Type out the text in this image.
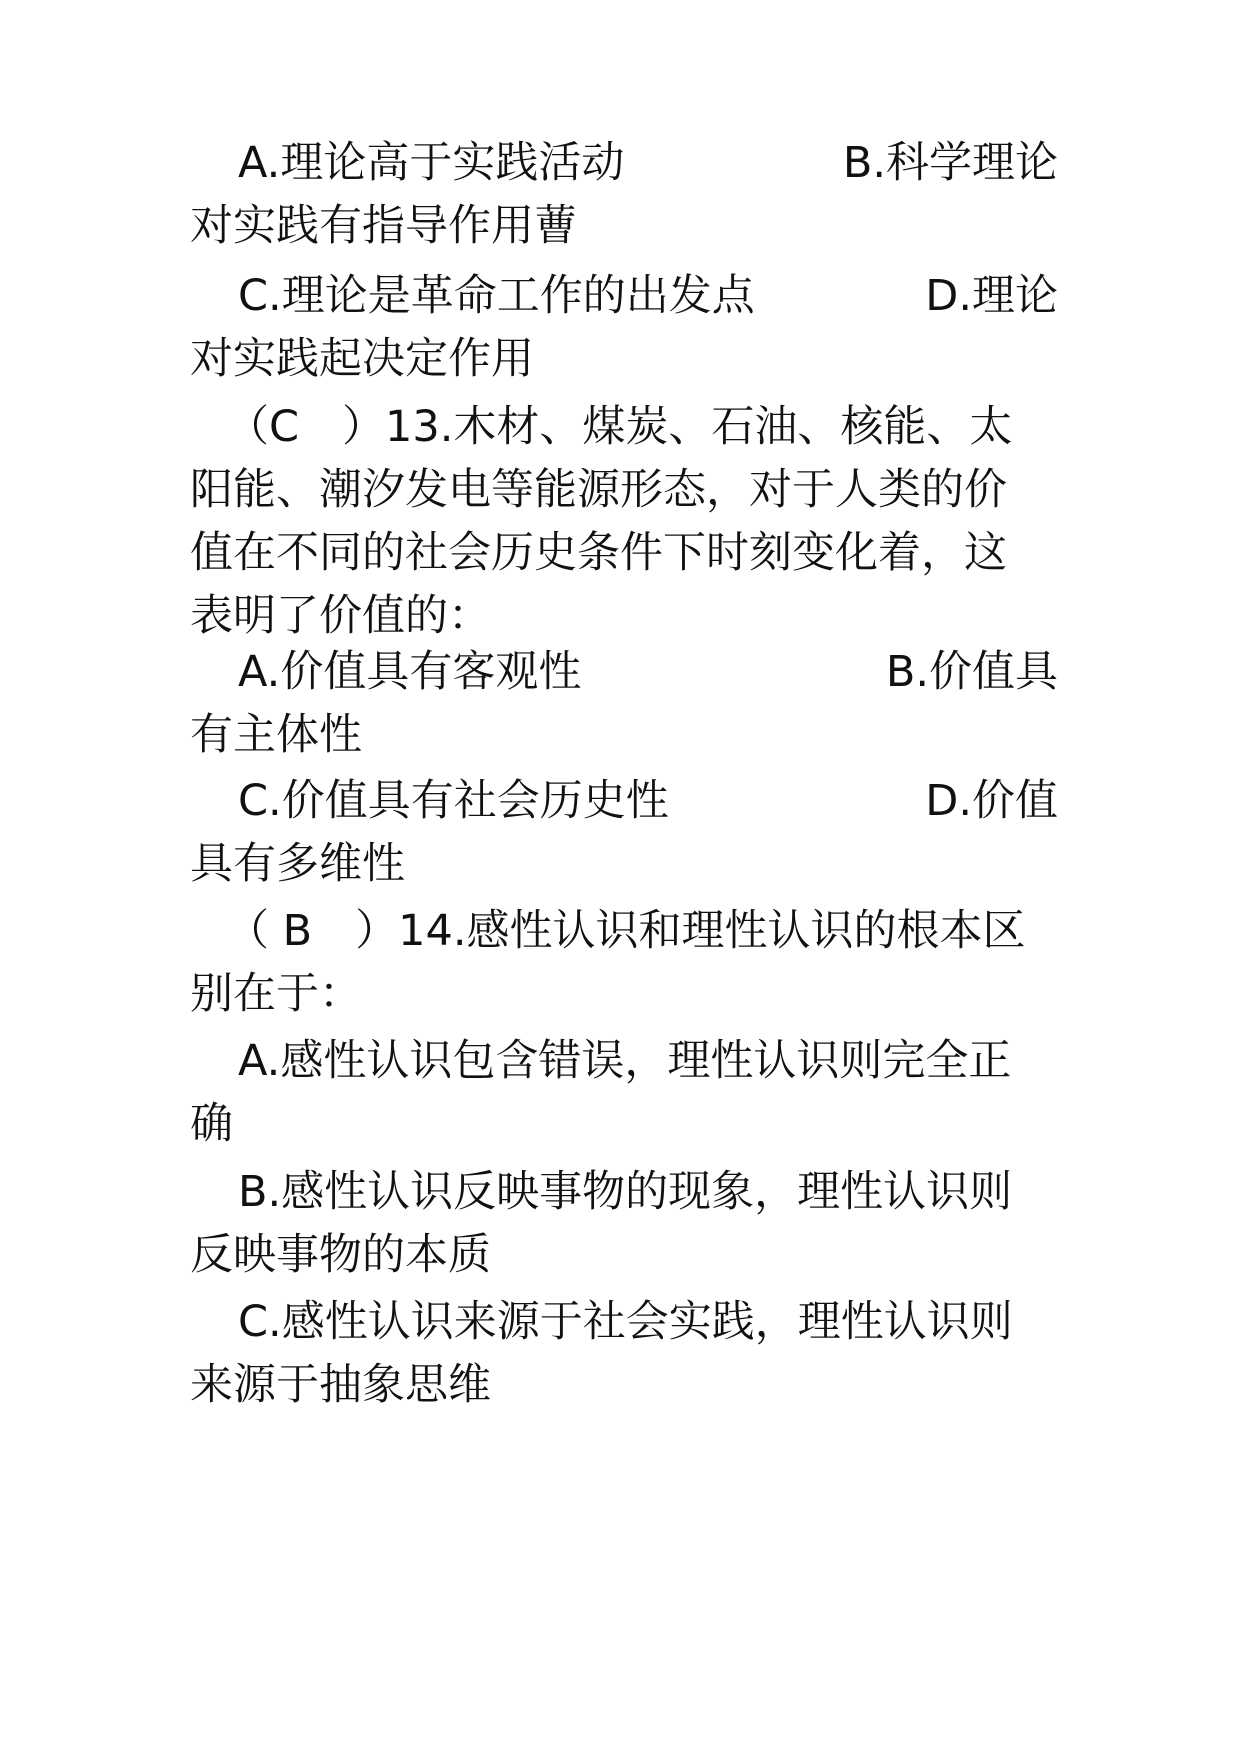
A.理论高于实践活动	B.科学理论
对实践有指导作用蓸
C.理论是革命工作的出发点	D.理论
对实践起决定作用
（C　）13.木材、煤炭、石油、核能、太
阳能、潮汐发电等能源形态，对于人类的价
值在不同的社会历史条件下时刻变化着，这
表明了价值的：
A.价值具有客观性	B.价值具
有主体性
C.价值具有社会历史性	D.价值
具有多维性
（ B　）14.感性认识和理性认识的根本区
别在于：
A.感性认识包含错误，理性认识则完全正
确
B.感性认识反映事物的现象，理性认识则
反映事物的本质
C.感性认识来源于社会实践，理性认识则
来源于抽象思维
